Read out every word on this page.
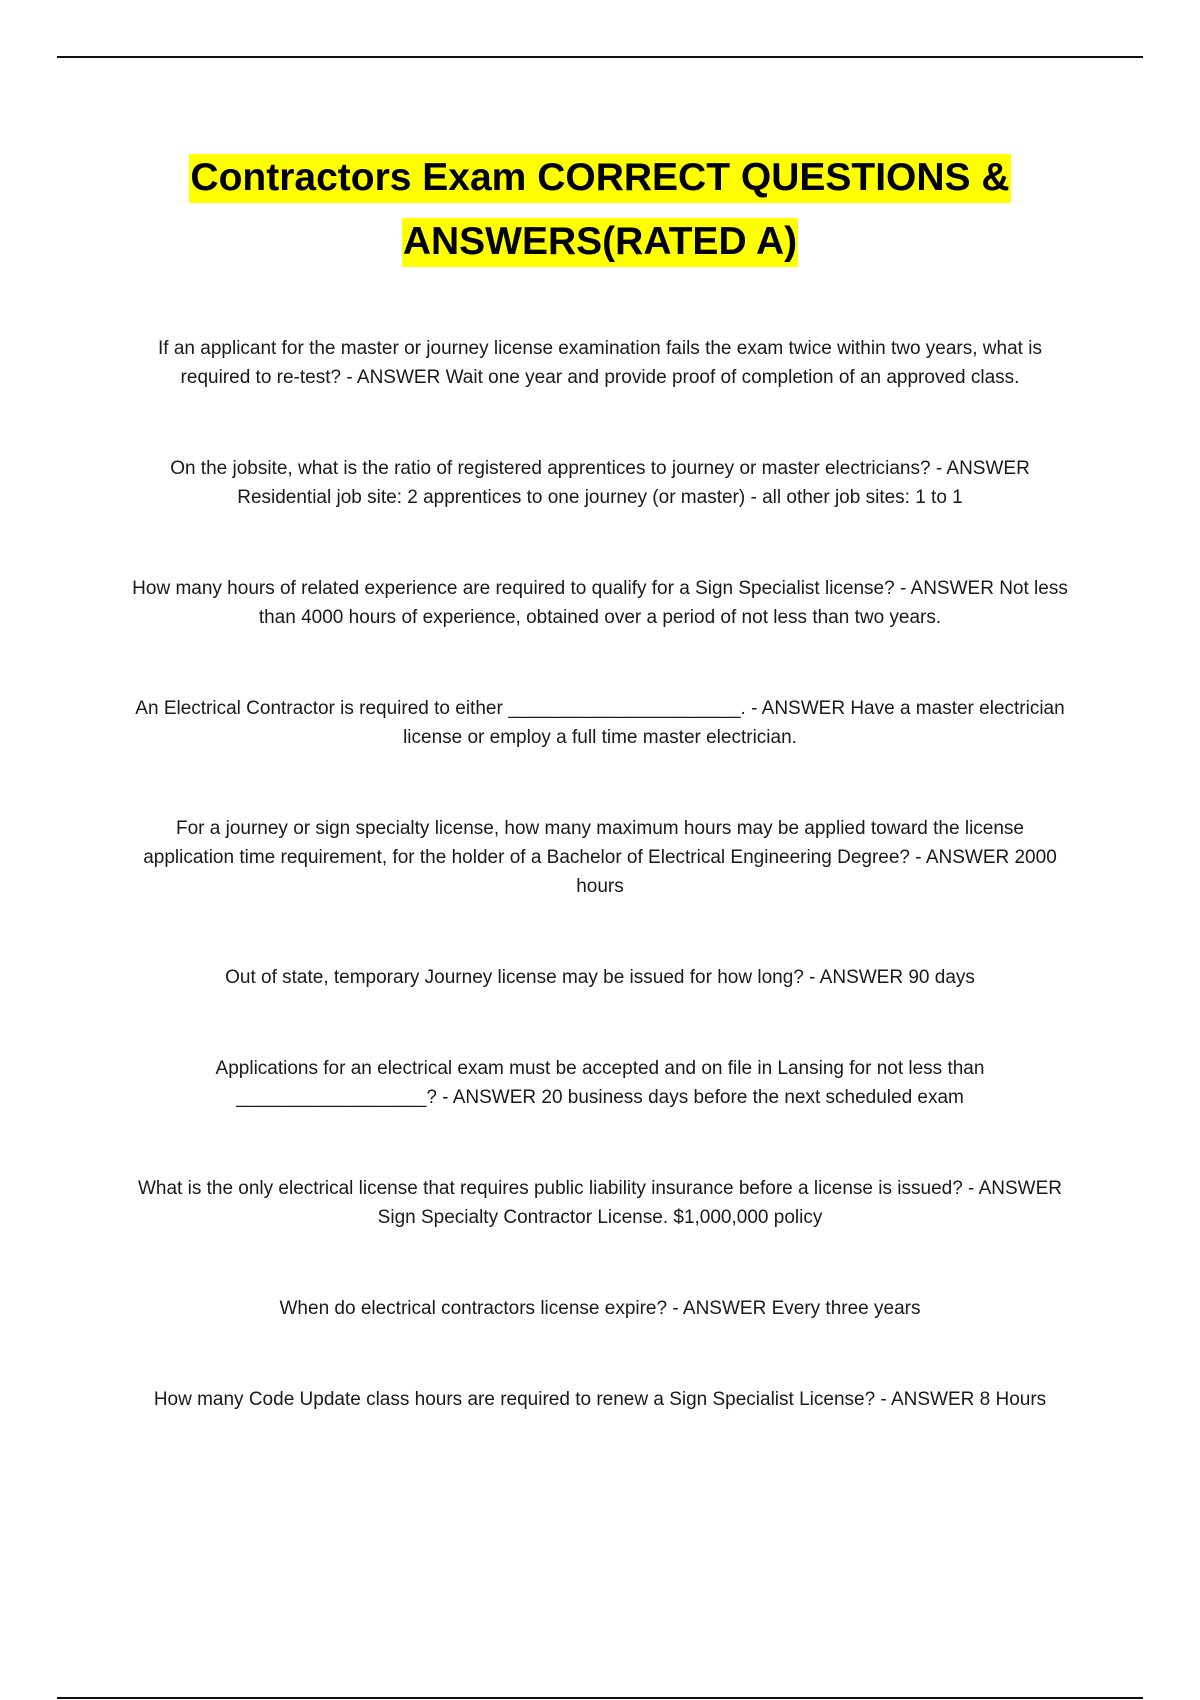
Contractors Exam CORRECT QUESTIONS &

ANSWERS(RATED A)

If an applicant for the master or journey license examination fails the exam twice within two years, what is required to re-test? - ANSWER Wait one year and provide proof of completion of an approved class.
On the jobsite, what is the ratio of registered apprentices to journey or master electricians? - ANSWER Residential job site: 2 apprentices to one journey (or master) - all other job sites: 1 to 1
How many hours of related experience are required to qualify for a Sign Specialist license? - ANSWER Not less than 4000 hours of experience, obtained over a period of not less than two years.
An Electrical Contractor is required to either ______________________. - ANSWER Have a master electrician license or employ a full time master electrician.
For a journey or sign specialty license, how many maximum hours may be applied toward the license application time requirement, for the holder of a Bachelor of Electrical Engineering Degree? - ANSWER 2000 hours
Out of state, temporary Journey license may be issued for how long? - ANSWER 90 days
Applications for an electrical exam must be accepted and on file in Lansing for not less than __________________? - ANSWER 20 business days before the next scheduled exam
What is the only electrical license that requires public liability insurance before a license is issued? - ANSWER Sign Specialty Contractor License. $1,000,000 policy
When do electrical contractors license expire? - ANSWER Every three years
How many Code Update class hours are required to renew a Sign Specialist License? - ANSWER 8 Hours
